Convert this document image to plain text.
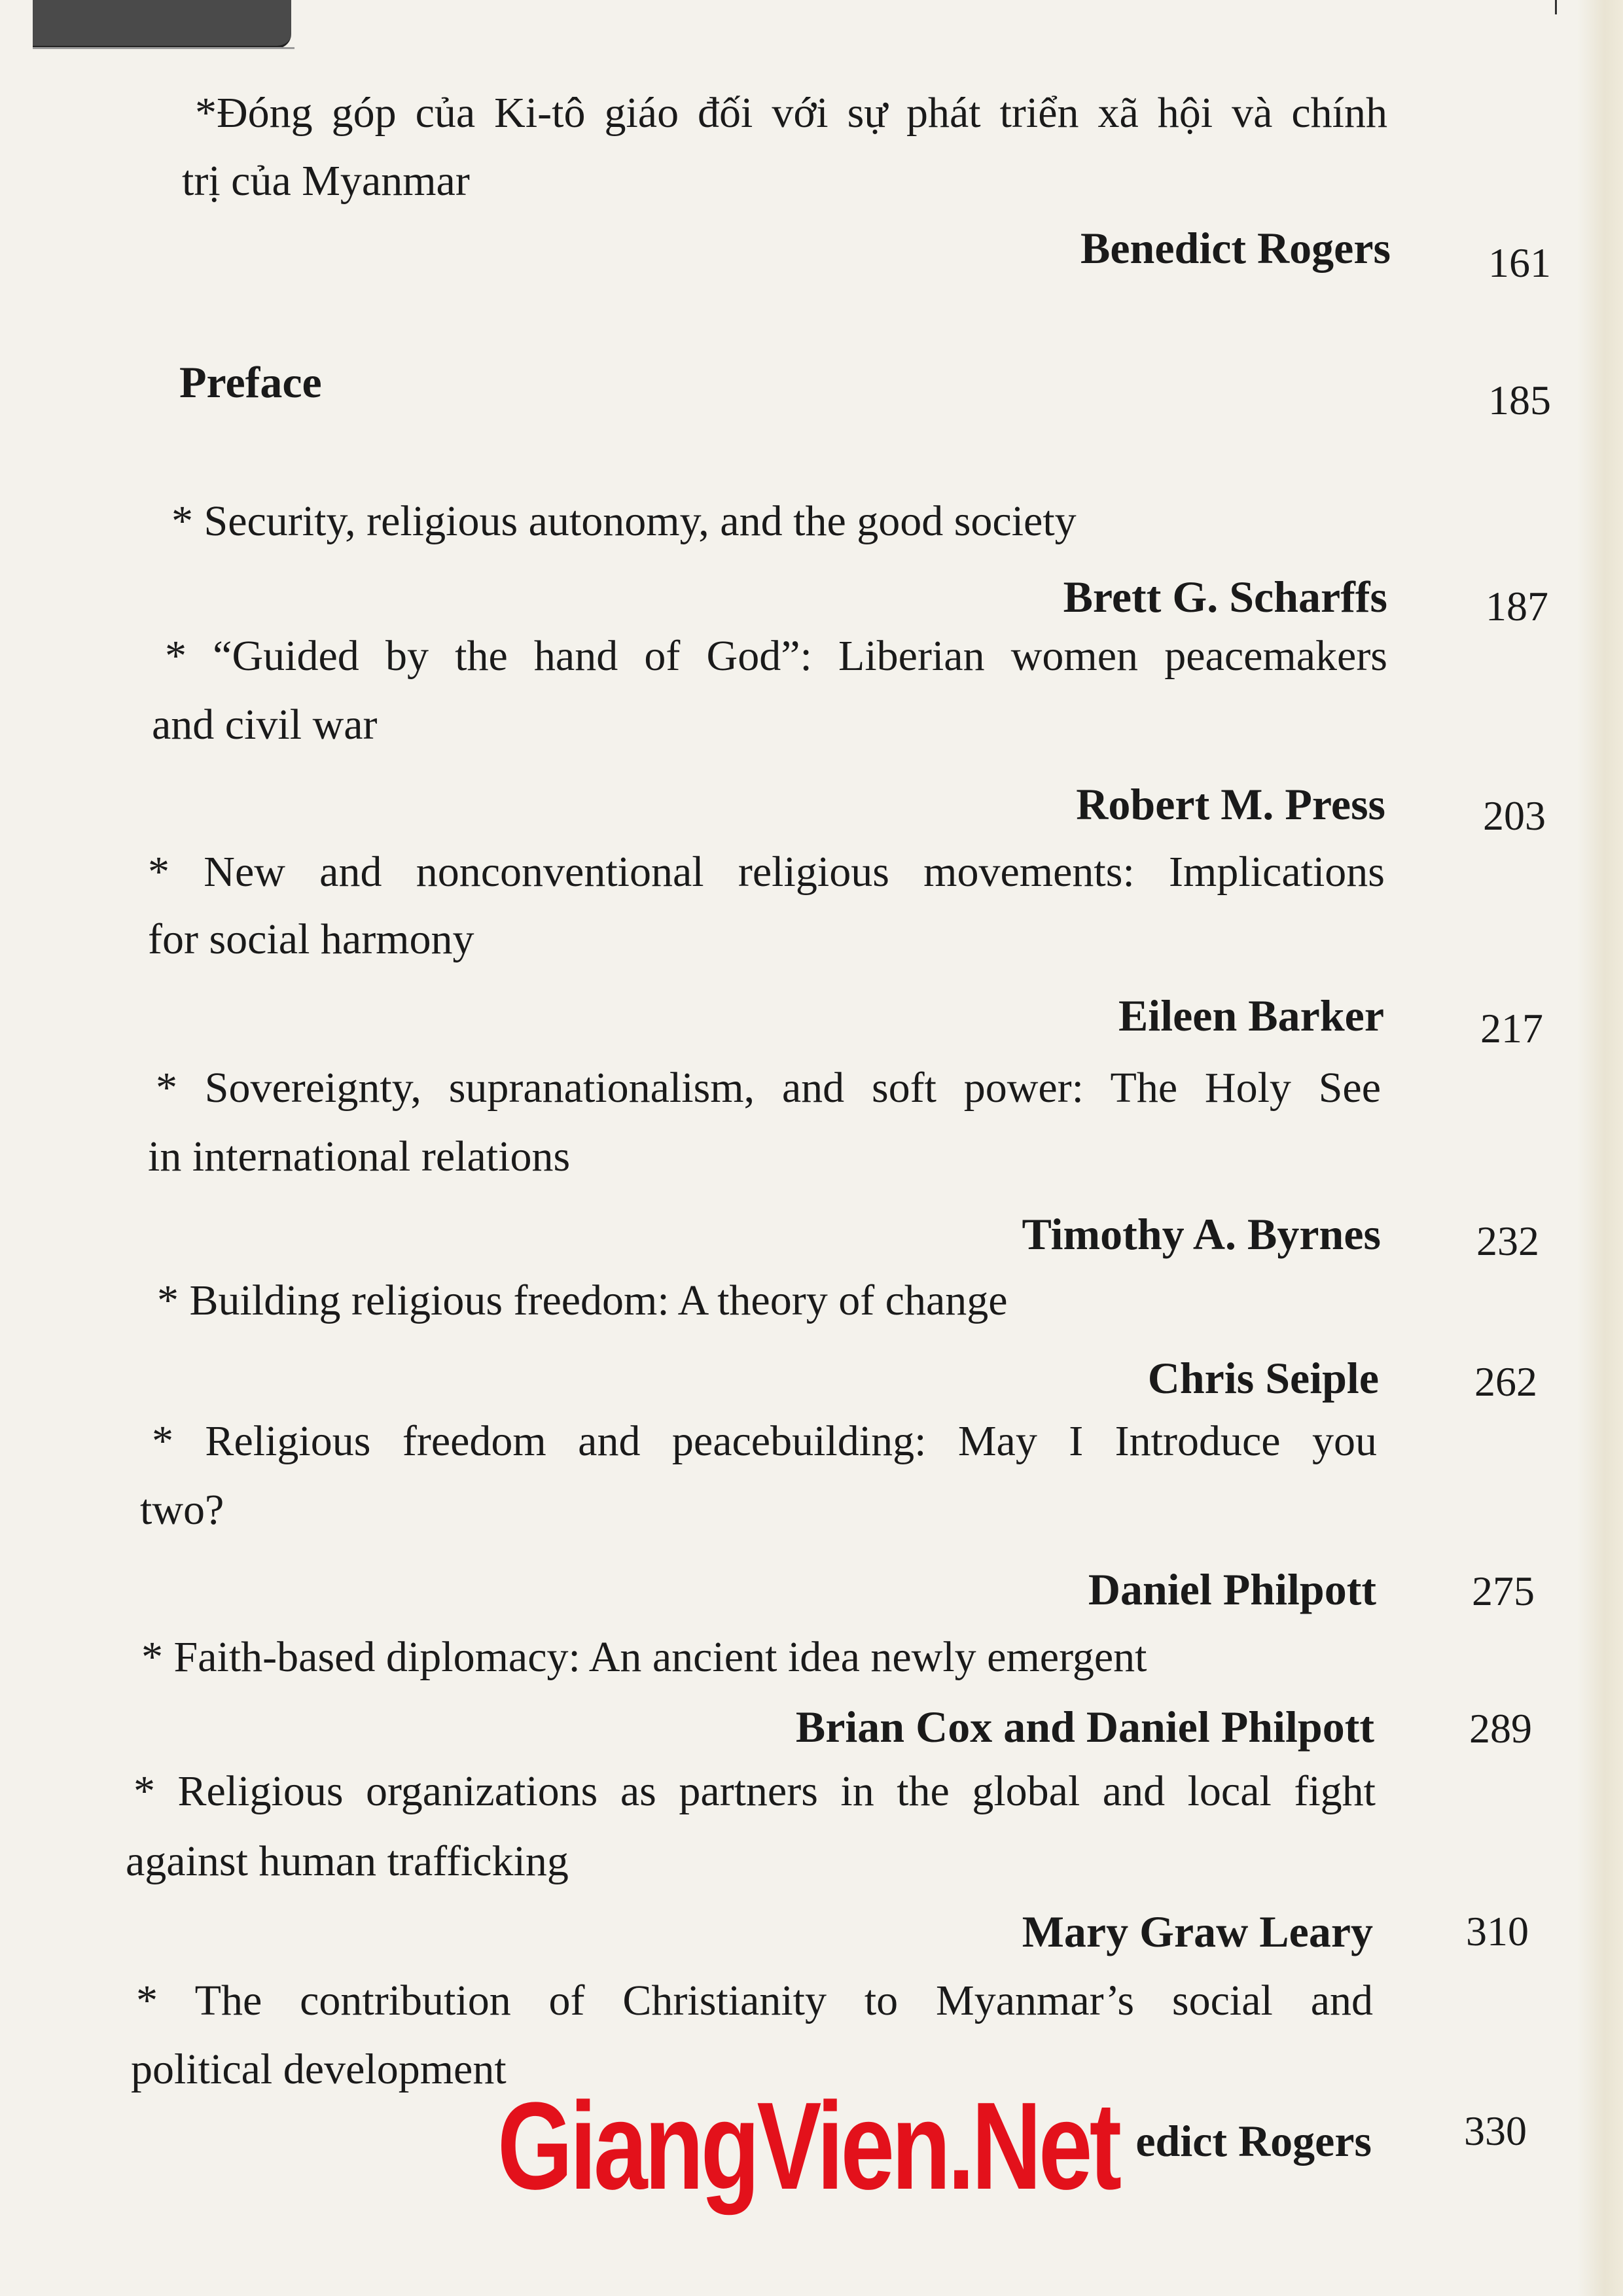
*Đóng góp của Ki-tô giáo đối với sự phát triển xã hội và chính
trị của Myanmar
Benedict Rogers	161
Preface	185
* Security, religious autonomy, and the good society
Brett G. Scharffs	187
* “Guided by the hand of God”: Liberian women peacemakers
and civil war
Robert M. Press	203
* New and nonconventional religious movements: Implications
for social harmony
Eileen Barker	217
* Sovereignty, supranationalism, and soft power: The Holy See
in international relations
Timothy A. Byrnes	232
* Building religious freedom: A theory of change
Chris Seiple	262
* Religious freedom and peacebuilding: May I Introduce you
two?
Daniel Philpott	275
* Faith-based diplomacy: An ancient idea newly emergent
Brian Cox and Daniel Philpott	289
* Religious organizations as partners in the global and local fight
against human trafficking
Mary Graw Leary	310
* The contribution of Christianity to Myanmar’s social and
political development
edict Rogers	330
GiangVien.Net
